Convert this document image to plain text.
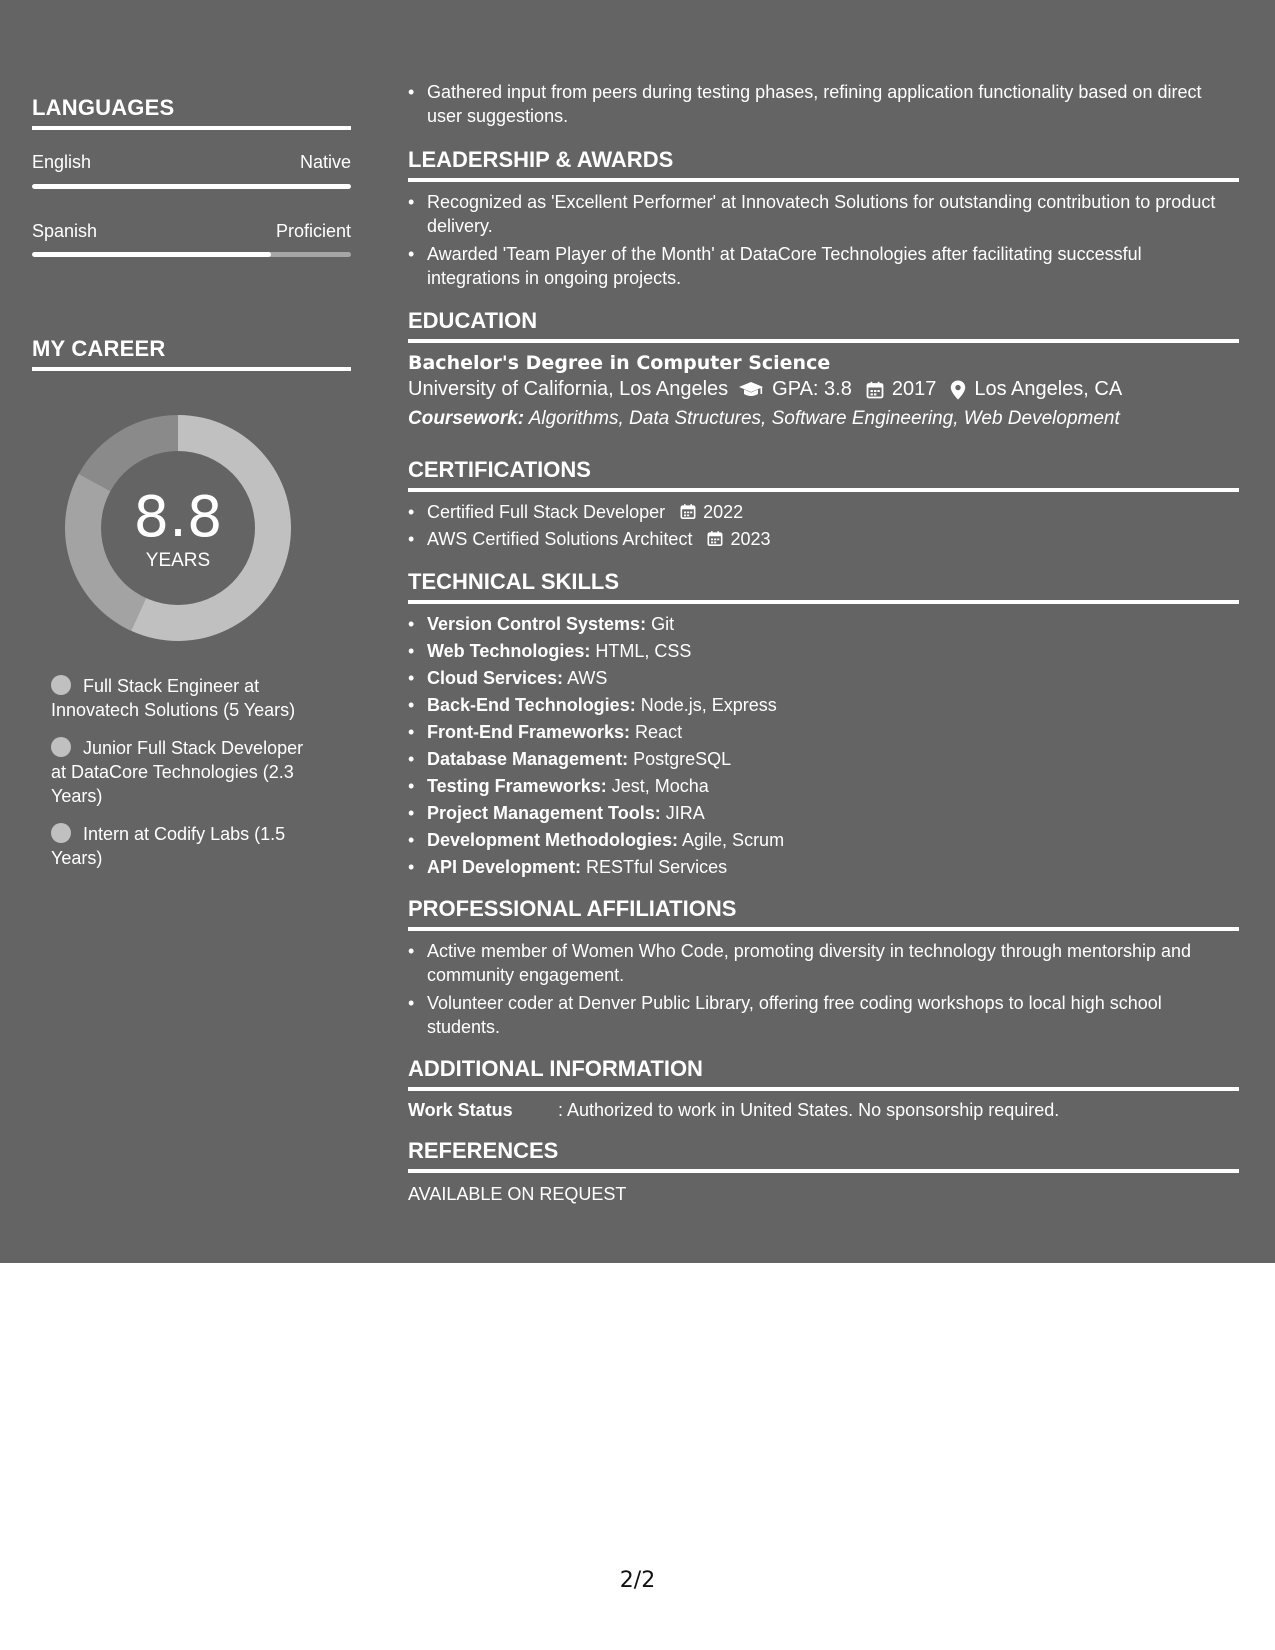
LANGUAGES
English	Native
Spanish	Proficient
MY CAREER
8.8
YEARS
Full Stack Engineer at Innovatech Solutions (5 Years)
Junior Full Stack Developer at DataCore Technologies (2.3 Years)
Intern at Codify Labs (1.5 Years)
• Gathered input from peers during testing phases, refining application functionality based on direct user suggestions.
LEADERSHIP & AWARDS
• Recognized as 'Excellent Performer' at Innovatech Solutions for outstanding contribution to product delivery.
• Awarded 'Team Player of the Month' at DataCore Technologies after facilitating successful integrations in ongoing projects.
EDUCATION
Bachelor's Degree in Computer Science
University of California, Los Angeles GPA: 3.8 2017 Los Angeles, CA
Coursework: Algorithms, Data Structures, Software Engineering, Web Development
CERTIFICATIONS
• Certified Full Stack Developer 2022
• AWS Certified Solutions Architect 2023
TECHNICAL SKILLS
• Version Control Systems: Git
• Web Technologies: HTML, CSS
• Cloud Services: AWS
• Back-End Technologies: Node.js, Express
• Front-End Frameworks: React
• Database Management: PostgreSQL
• Testing Frameworks: Jest, Mocha
• Project Management Tools: JIRA
• Development Methodologies: Agile, Scrum
• API Development: RESTful Services
PROFESSIONAL AFFILIATIONS
• Active member of Women Who Code, promoting diversity in technology through mentorship and community engagement.
• Volunteer coder at Denver Public Library, offering free coding workshops to local high school students.
ADDITIONAL INFORMATION
Work Status	: Authorized to work in United States. No sponsorship required.
REFERENCES
AVAILABLE ON REQUEST
2/2
